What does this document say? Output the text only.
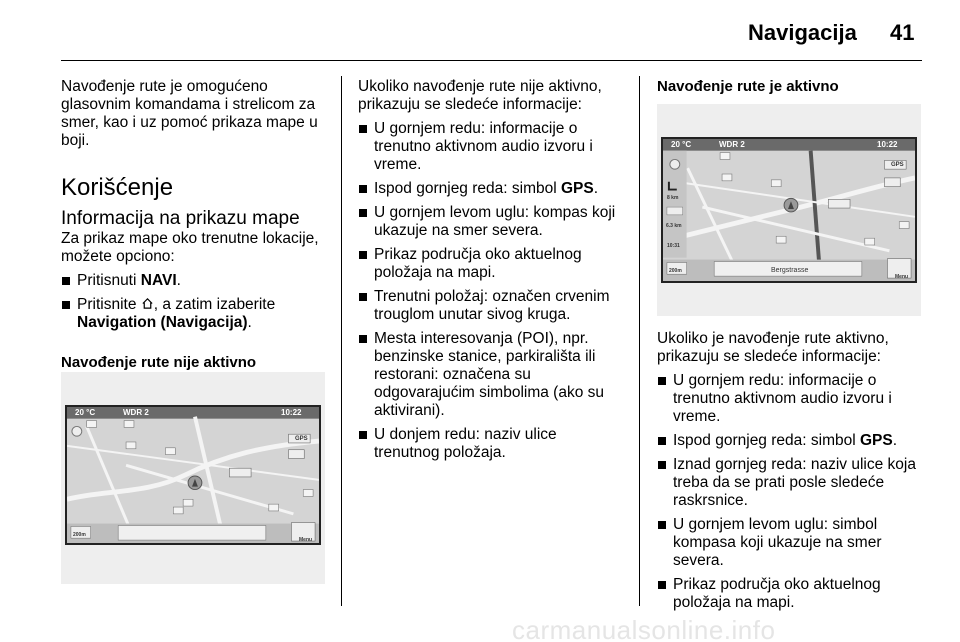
Navigacija 41

Navođenje rute je omogućeno glasovnim komandama i strelicom za smer, kao i uz pomoć prikaza mape u boji.

Korišćenje
Informacija na prikazu mape

Za prikaz mape oko trenutne lokacije, možete opciono:

Pritisnuti NAVI.
Pritisnite , a zatim izaberite
Navigation (Navigacija).

Navođenje rute nije aktivno

20 °C	WDR 2	10:22
GPS
200m
Menu

Ukoliko navođenje rute nije aktivno, prikazuju se sledeće informacije:

U gornjem redu: informacije o trenutno aktivnom audio izvoru i vreme.
Ispod gornjeg reda: simbol GPS.
U gornjem levom uglu: kompas koji ukazuje na smer severa.
Prikaz područja oko aktuelnog položaja na mapi.
Trenutni položaj: označen crvenim trouglom unutar sivog kruga.
Mesta interesovanja (POI), npr. benzinske stanice, parkirališta ili restorani: označena su odgovarajućim simbolima (ako su aktivirani).
U donjem redu: naziv ulice trenutnog položaja.

Navođenje rute je aktivno

20 °C	WDR 2	10:22
GPS
8 km
6.3 km
10:31
200m	Bergstrasse
Menu

Ukoliko je navođenje rute aktivno, prikazuju se sledeće informacije:

U gornjem redu: informacije o trenutno aktivnom audio izvoru i vreme.
Ispod gornjeg reda: simbol GPS.
Iznad gornjeg reda: naziv ulice koja treba da se prati posle sledeće raskrsnice.
U gornjem levom uglu: simbol kompasa koji ukazuje na smer severa.
Prikaz područja oko aktuelnog položaja na mapi.
carmanualsonline.info
